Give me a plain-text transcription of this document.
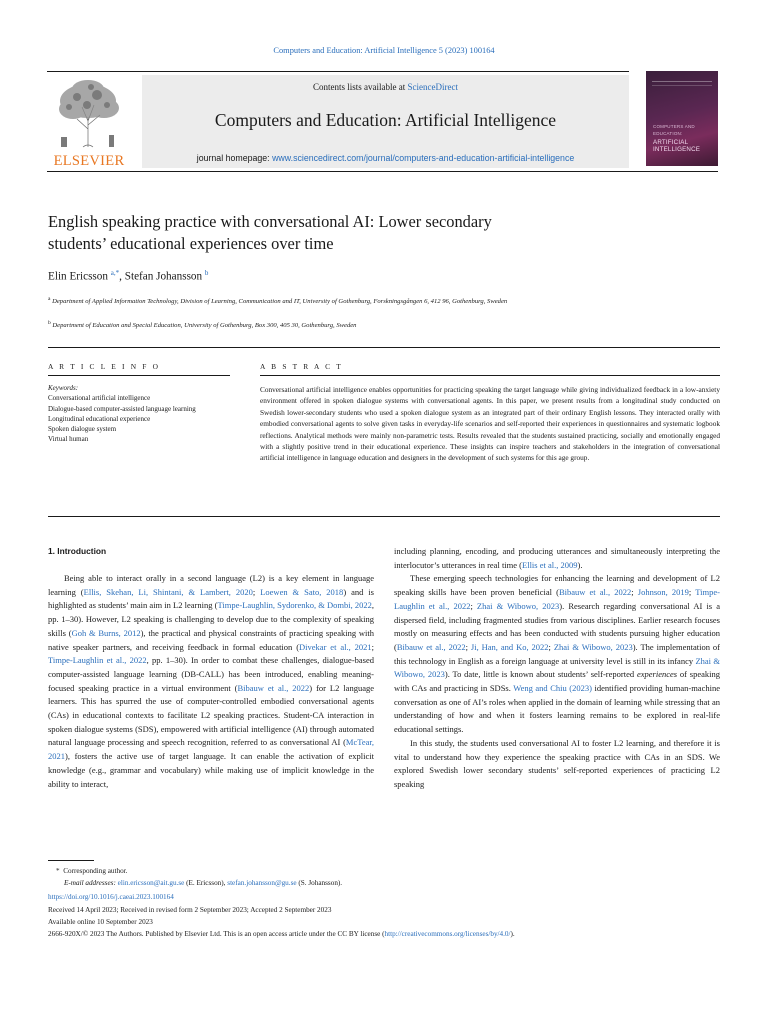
Computers and Education: Artificial Intelligence 5 (2023) 100164
ELSEVIER
Contents lists available at ScienceDirect
Computers and Education: Artificial Intelligence
journal homepage: www.sciencedirect.com/journal/computers-and-education-artificial-intelligence
COMPUTERS AND EDUCATION:
ARTIFICIAL
INTELLIGENCE
English speaking practice with conversational AI: Lower secondary
students’ educational experiences over time
Elin Ericsson $^{a,*}$, Stefan Johansson $^b$
$^a$ Department of Applied Information Technology, Division of Learning, Communication and IT, University of Gothenburg, Forskningsgången 6, 412 96, Gothenburg, Sweden
$^b$ Department of Education and Special Education, University of Gothenburg, Box 300, 405 30, Gothenburg, Sweden
A R T I C L E I N F O	A B S T R A C T
Keywords:
Conversational artificial intelligence
Dialogue-based computer-assisted language learning
Longitudinal educational experience
Spoken dialogue system
Virtual human
Conversational artificial intelligence enables opportunities for practicing speaking the target language while giving individualized feedback in a low-anxiety environment offered in spoken dialogue systems with conversational agents. In this paper, we present results from a longitudinal study conducted on Swedish lower-secondary students who used a spoken dialogue system as an integrated part of their ordinary English lessons. They interacted orally with embodied conversational agents to solve given tasks in everyday-life scenarios and self-reported their experiences in questionnaires and systematic logbook reflections. Analytical methods were mainly non-parametric tests. Results revealed that the students sustained practicing, socially and emotionally engaged with a slightly positive trend in their educational experience. These insights can inspire teachers and stakeholders in the integration of conversational artificial intelligence in language education and designers in the development of such systems for this age group.
1. Introduction

Being able to interact orally in a second language (L2) is a key element in language learning (Ellis, Skehan, Li, Shintani, & Lambert, 2020; Loewen & Sato, 2018) and is highlighted as students’ main aim in L2 learning (Timpe-Laughlin, Sydorenko, & Dombi, 2022, pp. 1–30). However, L2 speaking is challenging to develop due to the complexity of speaking skills (Goh & Burns, 2012), the practical and physical constraints of practicing speaking with native speaker partners, and receiving feedback in formal education (Divekar et al., 2021; Timpe-Laughlin et al., 2022, pp. 1–30). In order to combat these challenges, dialogue-based computer-assisted language learning (DB-CALL) has been introduced, enabling meaning-focused speaking practice in a virtual environment (Bibauw et al., 2022) for L2 language learners. This has spurred the use of computer-controlled embodied conversational agents (CAs) in educational contexts to facilitate L2 speaking practices. Student-CA interaction in spoken dialogue systems (SDS), empowered with artificial intelligence (AI) through automated natural language processing and speech recognition, referred to as conversational AI (McTear, 2021), fosters the active use of target language. It can enable the activation of explicit knowledge (e.g., grammar and vocabulary) while making use of implicit knowledge in the ability to interact,

including planning, encoding, and producing utterances and simultaneously interpreting the interlocutor’s utterances in real time (Ellis et al., 2009).

These emerging speech technologies for enhancing the learning and development of L2 speaking skills have been proven beneficial (Bibauw et al., 2022; Johnson, 2019; Timpe-Laughlin et al., 2022; Zhai & Wibowo, 2023). Research regarding conversational AI is a dispersed field, including fragmented studies from various disciplines. Earlier research focuses mostly on measuring effects and has been conducted with students pursuing higher education (Bibauw et al., 2022; Ji, Han, and Ko, 2022; Zhai & Wibowo, 2023). The implementation of this technology in English as a foreign language at university level is still in its infancy Zhai & Wibowo, 2023). To date, little is known about students’ self-reported experiences of speaking with CAs and practicing in SDSs. Weng and Chiu (2023) identified providing human-machine conversation as one of AI’s roles when applied in the domain of learning while stressing that an understanding of how and when it fosters learning remains to be explored in real-life educational settings.

In this study, the students used conversational AI to foster L2 learning, and therefore it is vital to understand how they experience the speaking practice with CAs in an SDS. We explored Swedish lower secondary students’ self-reported experiences of practicing L2 speaking

* Corresponding author.
E-mail addresses: elin.ericsson@ait.gu.se (E. Ericsson), stefan.johansson@gu.se (S. Johansson).
https://doi.org/10.1016/j.caeai.2023.100164
Received 14 April 2023; Received in revised form 2 September 2023; Accepted 2 September 2023
Available online 10 September 2023
2666-920X/© 2023 The Authors. Published by Elsevier Ltd. This is an open access article under the CC BY license (http://creativecommons.org/licenses/by/4.0/).
